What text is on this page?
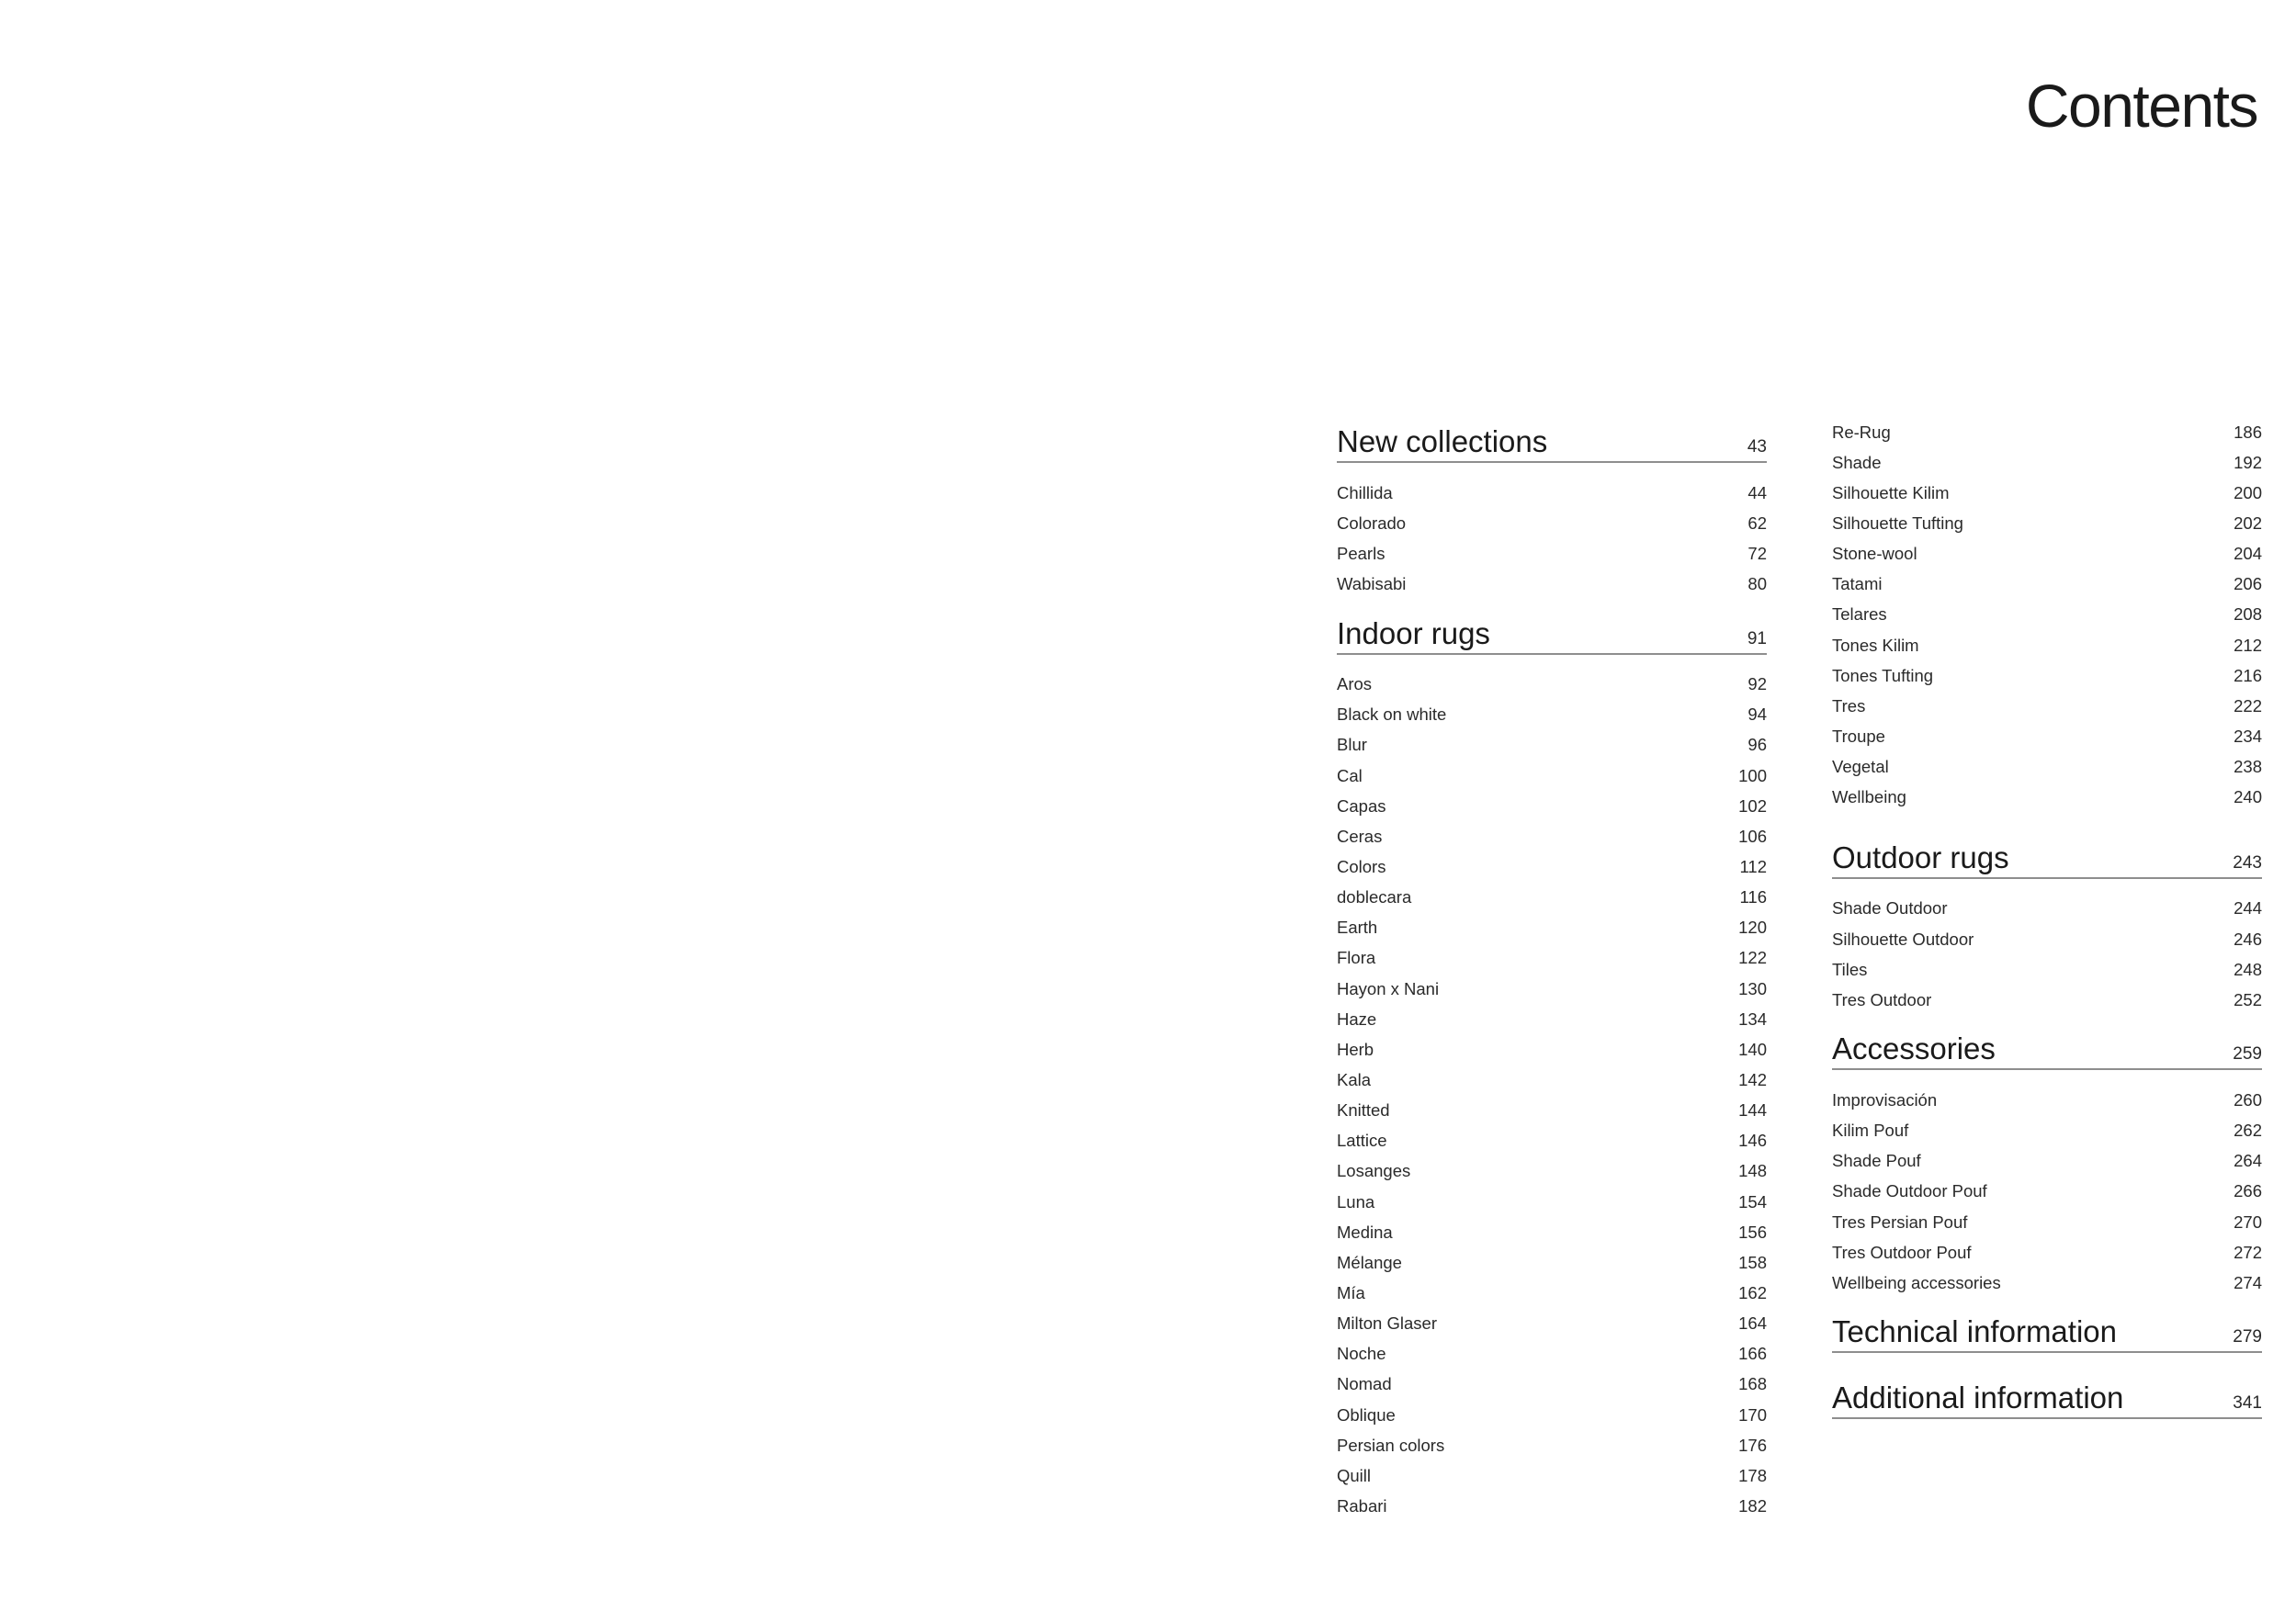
Contents
New collections	43
Chillida	44
Colorado	62
Pearls	72
Wabisabi	80
Indoor rugs	91
Aros	92
Black on white	94
Blur	96
Cal	100
Capas	102
Ceras	106
Colors	112
doblecara	116
Earth	120
Flora	122
Hayon x Nani	130
Haze	134
Herb	140
Kala	142
Knitted	144
Lattice	146
Losanges	148
Luna	154
Medina	156
Mélange	158
Mía	162
Milton Glaser	164
Noche	166
Nomad	168
Oblique	170
Persian colors	176
Quill	178
Rabari	182
Re-Rug	186
Shade	192
Silhouette Kilim	200
Silhouette Tufting	202
Stone-wool	204
Tatami	206
Telares	208
Tones Kilim	212
Tones Tufting	216
Tres	222
Troupe	234
Vegetal	238
Wellbeing	240
Outdoor rugs	243
Shade Outdoor	244
Silhouette Outdoor	246
Tiles	248
Tres Outdoor	252
Accessories	259
Improvisación	260
Kilim Pouf	262
Shade Pouf	264
Shade Outdoor Pouf	266
Tres Persian Pouf	270
Tres Outdoor Pouf	272
Wellbeing accessories	274
Technical information	279
Additional information	341
